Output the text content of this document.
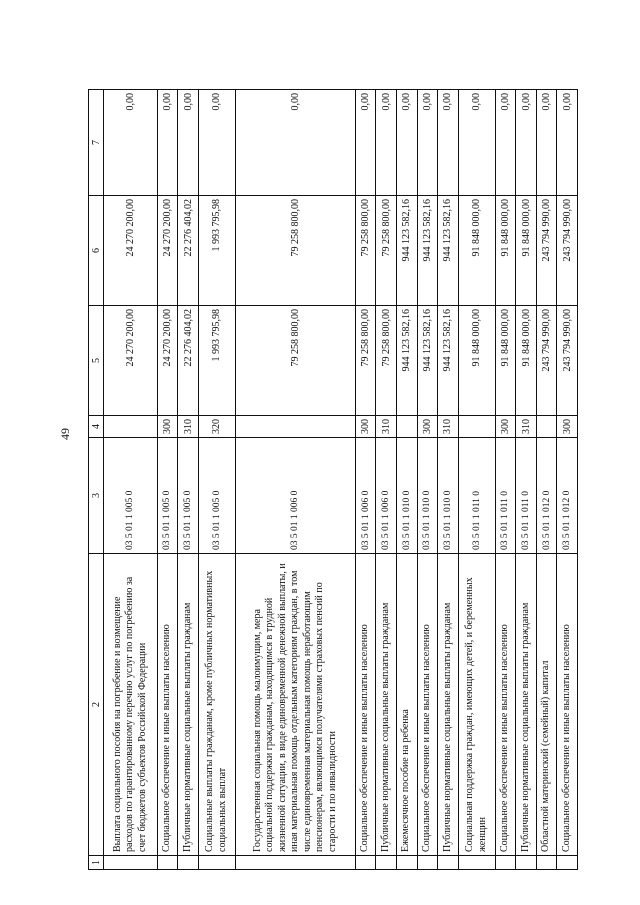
49
1	2	3	4	5	6	7
	Выплата социального пособия на погребение и возмещение расходов по гарантированному перечню услуг по погребению за счет бюджетов субъектов Российской Федерации	03 5 01 1 005 0		24 270 200,00	24 270 200,00	0,00
	Социальное обеспечение и иные выплаты населению	03 5 01 1 005 0	300	24 270 200,00	24 270 200,00	0,00
	Публичные нормативные социальные выплаты гражданам	03 5 01 1 005 0	310	22 276 404,02	22 276 404,02	0,00
	Социальные выплаты гражданам, кроме публичных нормативных социальных выплат	03 5 01 1 005 0	320	1 993 795,98	1 993 795,98	0,00
	Государственная социальная помощь малоимущим, мера социальной поддержки гражданам, находящимся в трудной жизненной ситуации, в виде единовременной денежной выплаты, и иная материальная помощь отдельным категориям граждан, в том числе единовременная материальная помощь неработающим пенсионерам, являющимся получателями страховых пенсий по старости и по инвалидности	03 5 01 1 006 0		79 258 800,00	79 258 800,00	0,00
	Социальное обеспечение и иные выплаты населению	03 5 01 1 006 0	300	79 258 800,00	79 258 800,00	0,00
	Публичные нормативные социальные выплаты гражданам	03 5 01 1 006 0	310	79 258 800,00	79 258 800,00	0,00
	Ежемесячное пособие на ребенка	03 5 01 1 010 0		944 123 582,16	944 123 582,16	0,00
	Социальное обеспечение и иные выплаты населению	03 5 01 1 010 0	300	944 123 582,16	944 123 582,16	0,00
	Публичные нормативные социальные выплаты гражданам	03 5 01 1 010 0	310	944 123 582,16	944 123 582,16	0,00
	Социальная поддержка граждан, имеющих детей, и беременных женщин	03 5 01 1 011 0		91 848 000,00	91 848 000,00	0,00
	Социальное обеспечение и иные выплаты населению	03 5 01 1 011 0	300	91 848 000,00	91 848 000,00	0,00
	Публичные нормативные социальные выплаты гражданам	03 5 01 1 011 0	310	91 848 000,00	91 848 000,00	0,00
	Областной материнский (семейный) капитал	03 5 01 1 012 0		243 794 990,00	243 794 990,00	0,00
	Социальное обеспечение и иные выплаты населению	03 5 01 1 012 0	300	243 794 990,00	243 794 990,00	0,00
